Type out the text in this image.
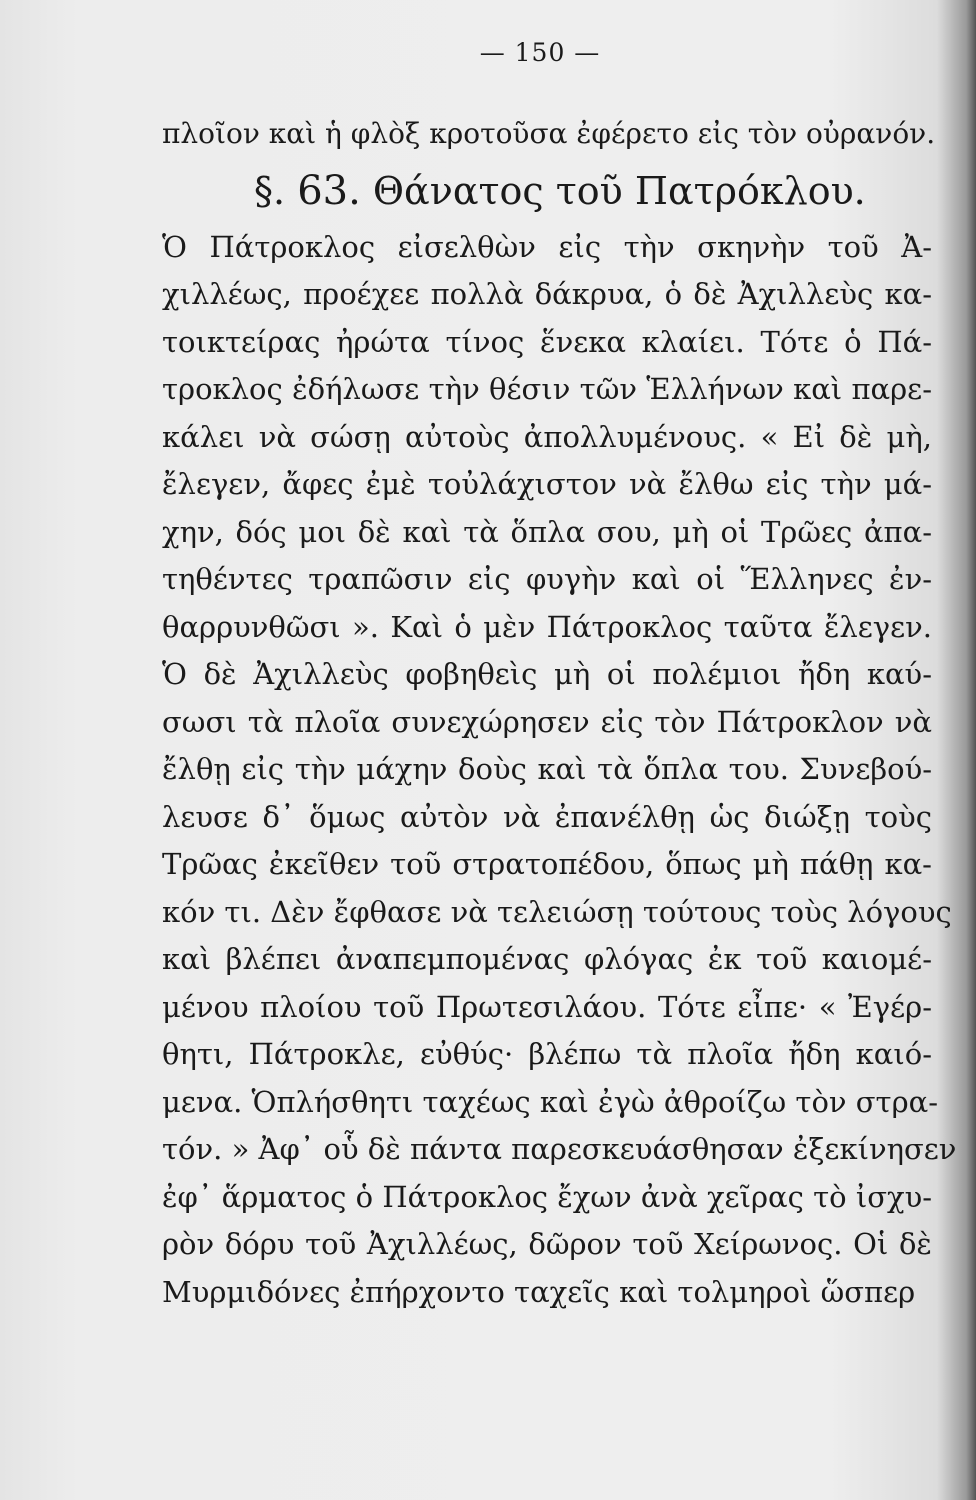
— 150 —
πλοῖον καὶ ἡ φλὸξ κροτοῦσα ἐφέρετο εἰς τὸν οὐρανόν.
§. 63. Θάνατος τοῦ Πατρόκλου.
Ὁ Πάτροκλος εἰσελθὼν εἰς τὴν σκηνὴν τοῦ Ἀ-
χιλλέως, προέχεε πολλὰ δάκρυα, ὁ δὲ Ἀχιλλεὺς κα-
τοικτείρας ἠρώτα τίνος ἕνεκα κλαίει. Τότε ὁ Πά-
τροκλος ἐδήλωσε τὴν θέσιν τῶν Ἑλλήνων καὶ παρε-
κάλει νὰ σώσῃ αὐτοὺς ἀπολλυμένους. « Εἰ δὲ μὴ,
ἔλεγεν, ἄφες ἐμὲ τοὐλάχιστον νὰ ἔλθω εἰς τὴν μά-
χην, δός μοι δὲ καὶ τὰ ὅπλα σου, μὴ οἱ Τρῶες ἀπα-
τηθέντες τραπῶσιν εἰς φυγὴν καὶ οἱ Ἕλληνες ἐν-
θαρρυνθῶσι ». Καὶ ὁ μὲν Πάτροκλος ταῦτα ἔλεγεν.
Ὁ δὲ Ἀχιλλεὺς φοβηθεὶς μὴ οἱ πολέμιοι ἤδη καύ-
σωσι τὰ πλοῖα συνεχώρησεν εἰς τὸν Πάτροκλον νὰ
ἔλθῃ εἰς τὴν μάχην δοὺς καὶ τὰ ὅπλα του. Συνεβού-
λευσε δ᾽ ὅμως αὐτὸν νὰ ἐπανέλθῃ ὡς διώξῃ τοὺς
Τρῶας ἐκεῖθεν τοῦ στρατοπέδου, ὅπως μὴ πάθῃ κα-
κόν τι. Δὲν ἔφθασε νὰ τελειώσῃ τούτους τοὺς λόγους
καὶ βλέπει ἀναπεμπομένας φλόγας ἐκ τοῦ καιομέ-
μένου πλοίου τοῦ Πρωτεσιλάου. Τότε εἶπε· « Ἐγέρ-
θητι, Πάτροκλε, εὐθύς· βλέπω τὰ πλοῖα ἤδη καιό-
μενα. Ὁπλήσθητι ταχέως καὶ ἐγὼ ἀθροίζω τὸν στρα-
τόν. » Ἀφ᾽ οὗ δὲ πάντα παρεσκευάσθησαν ἐξεκίνησεν
ἐφ᾽ ἅρματος ὁ Πάτροκλος ἔχων ἀνὰ χεῖρας τὸ ἰσχυ-
ρὸν δόρυ τοῦ Ἀχιλλέως, δῶρον τοῦ Χείρωνος. Οἱ δὲ
Μυρμιδόνες ἐπήρχοντο ταχεῖς καὶ τολμηροὶ ὥσπερ
